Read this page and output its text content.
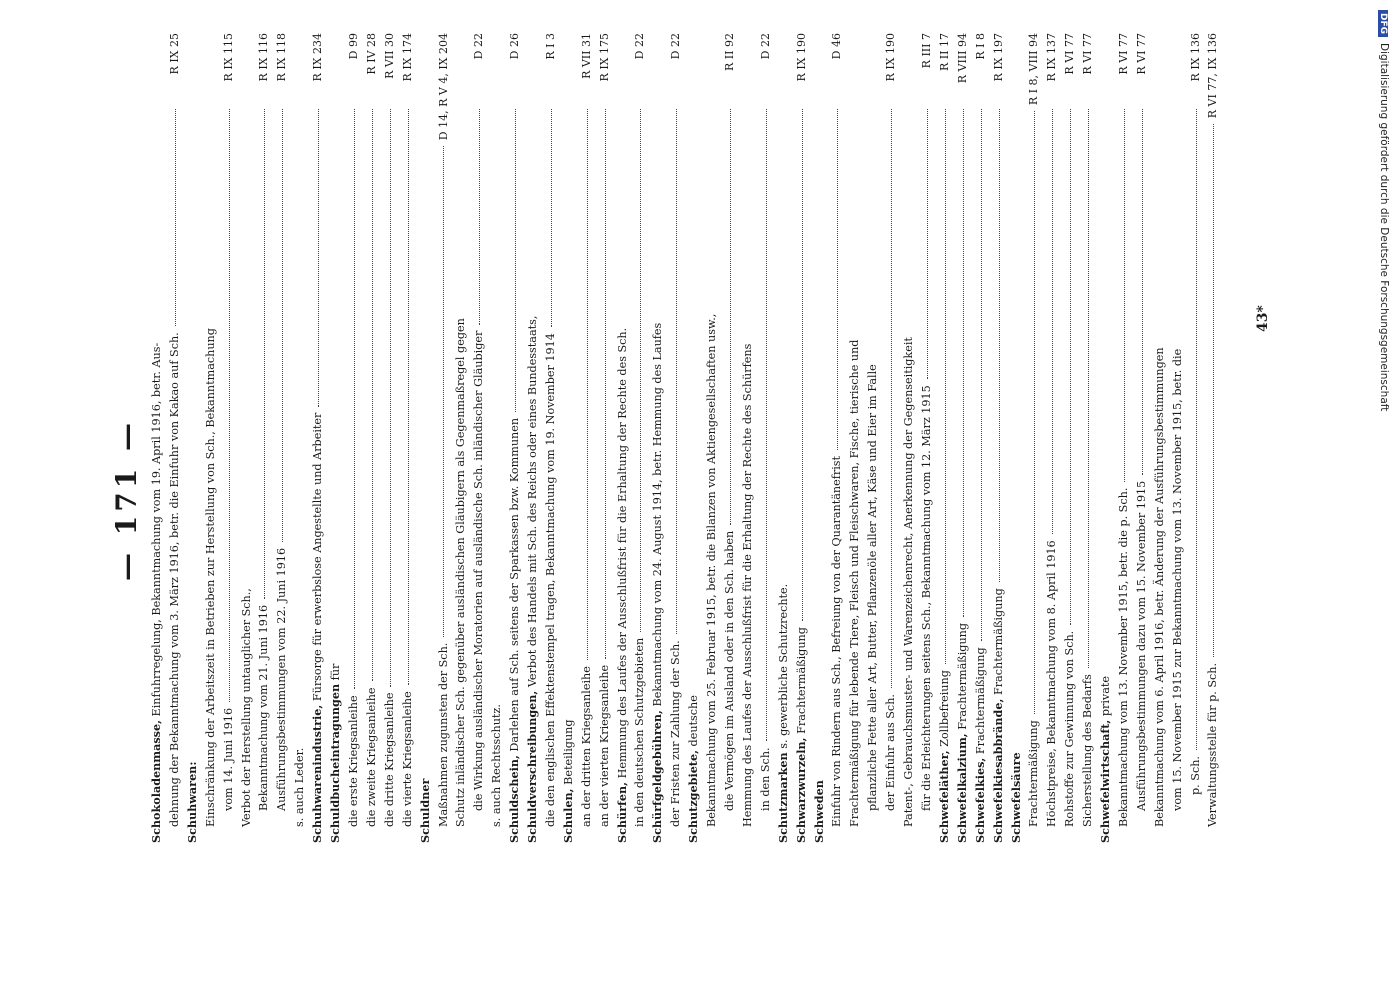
— 171 —
Schokoladenmasse, Einfuhrregelung, Bekanntmachung vom 19. April 1916, betr. Aus- dehnung der Bekanntmachung vom 3. März 1916, betr. die Einfuhr von Kakao auf Sch.
R IX 25
Schuhwaren: Einschränkung der Arbeitszeit in Betrieben zur Herstellung von Sch., Bekanntmachung vom 14. Juni 1916
R IX 115
Verbot der Herstellung untauglicher Sch., Bekanntmachung vom 21. Juni 1916
R IX 116
Ausführungsbestimmungen vom 22. Juni 1916
R IX 118
s. auch Leder. Schuhwarenindustrie, Fürsorge für erwerbslose Angestellte und Arbeiter
R IX 234
Schuldbucheintragungen für
die erste Kriegsanleihe
D 99
die zweite Kriegsanleihe
R IV 28
die dritte Kriegsanleihe
R VII 30
die vierte Kriegsanleihe
R IX 174
Schuldner Maßnahmen zugunsten der Sch.
D 14, R V 4, IX 204
Schutz inländischer Sch. gegenüber ausländischen Gläubigern als Gegenmaßregel gegen die Wirkung ausländischer Moratorien auf ausländische Sch. inländischer Gläubiger
D 22
s. auch Rechtsschutz. Schuldschein, Darlehen auf Sch. seitens der Sparkassen bzw. Kommunen
D 26
Schuldverschreibungen, Verbot des Handels mit Sch. des Reichs oder eines Bundesstaats, die den englischen Effektenstempel tragen, Bekanntmachung vom 19. November 1914
R I 3
Schulen, Beteiligung an der dritten Kriegsanleihe
R VII 31
an der vierten Kriegsanleihe
R IX 175
Schürfen, Hemmung des Laufes der Ausschlußfrist für die Erhaltung der Rechte des Sch. in den deutschen Schutzgebieten
D 22
Schürfgeldgebühren, Bekanntmachung vom 24. August 1914, betr. Hemmung des Laufes
der Fristen zur Zahlung der Sch.
D 22
Schutzgebiete, deutsche Bekanntmachung vom 25. Februar 1915, betr. die Bilanzen von Aktiengesellschaften usw., die Vermögen im Ausland oder in den Sch. haben
R II 92
Hemmung des Laufes der Ausschlußfrist für die Erhaltung der Rechte des Schürfens in den Sch.
D 22
Schutzmarken s. gewerbliche Schutzrechte.
Schwarzwurzeln, Frachtermäßigung
R IX 190
Schweden Einfuhr von Rindern aus Sch., Befreiung von der Quarantänefrist
D 46
Frachtermäßigung für lebende Tiere, Fleisch und Fleischwaren, Fische, tierische und pflanzliche Fette aller Art, Butter, Pflanzenöle aller Art, Käse und Eier im Falle der Einfuhr aus Sch.
R IX 190
Patent-, Gebrauchsmuster- und Warenzeichenrecht, Anerkennung der Gegenseitigkeit für die Erleichterungen seitens Sch., Bekanntmachung vom 12. März 1915
R III 7
Schwefeläther, Zollbefreiung
R II 17
Schwefelkalzium, Frachtermäßigung
R VIII 94
Schwefelkies, Frachtermäßigung
R I 8
Schwefelkiesabbrände, Frachtermäßigung
R IX 197
Schwefelsäure Frachtermäßigung
R I 8, VIII 94
Höchstpreise, Bekanntmachung vom 8. April 1916
R IX 137
Rohstoffe zur Gewinnung von Sch.
R VI 77
Sicherstellung des Bedarfs
R VI 77
Schwefelwirtschaft, private Bekanntmachung vom 13. November 1915, betr. die p. Sch.
R VI 77
Ausführungsbestimmungen dazu vom 15. November 1915
R VI 77
Bekanntmachung vom 6. April 1916, betr. Änderung der Ausführungsbestimmungen vom 15. November 1915 zur Bekanntmachung vom 13. November 1915, betr. die p. Sch.
R IX 136
Verwaltungsstelle für p. Sch.
R VI 77, IX 136
43*
DFGDigitalisierung gefördert durch die Deutsche Forschungsgemeinschaft
